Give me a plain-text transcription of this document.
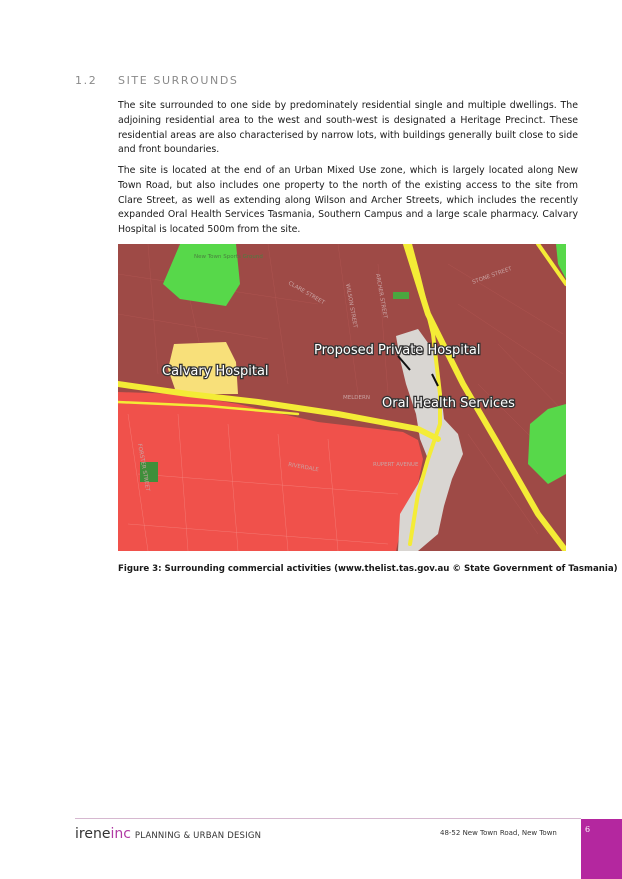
1.2 SITE SURROUNDS
The site surrounded to one side by predominately residential single and multiple dwellings. The adjoining residential area to the west and south-west is designated a Heritage Precinct. These residential areas are also characterised by narrow lots, with buildings generally built close to side and front boundaries.
The site is located at the end of an Urban Mixed Use zone, which is largely located along New Town Road, but also includes one property to the north of the existing access to the site from Clare Street, as well as extending along Wilson and Archer Streets, which includes the recently expanded Oral Health Services Tasmania, Southern Campus and a large scale pharmacy. Calvary Hospital is located 500m from the site.
New Town Sports Ground
CLARE STREET	WILSON STREET	ARCHER STREET
MELDERN
RUPERT AVENUE
RIVERDALE
STONE STREET
FORSTER STREET
Proposed Private Hospital
Calvary Hospital
Oral Health Services
Figure 3: Surrounding commercial activities (www.thelist.tas.gov.au © State Government of Tasmania)
ireneinc PLANNING & URBAN DESIGN	48-52 New Town Road, New Town	6
